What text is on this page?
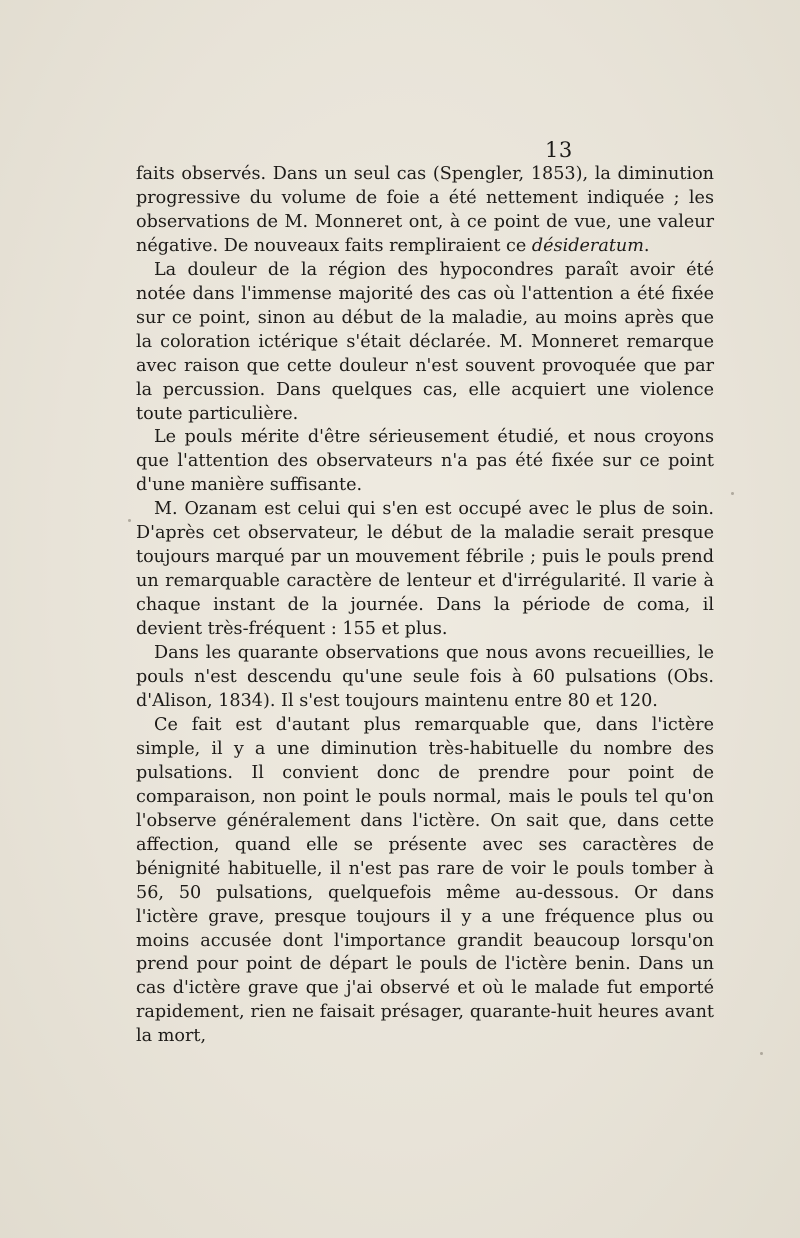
13

faits observés. Dans un seul cas (Spengler, 1853), la diminution progressive du volume de foie a été nettement indiquée ; les observations de M. Monneret ont, à ce point de vue, une valeur négative. De nouveaux faits rempliraient ce désideratum.

La douleur de la région des hypocondres paraît avoir été notée dans l'immense majorité des cas où l'attention a été fixée sur ce point, sinon au début de la maladie, au moins après que la coloration ictérique s'était déclarée. M. Monneret remarque avec raison que cette douleur n'est souvent provoquée que par la percussion. Dans quelques cas, elle acquiert une violence toute particulière.

Le pouls mérite d'être sérieusement étudié, et nous croyons que l'attention des observateurs n'a pas été fixée sur ce point d'une manière suffisante.

M. Ozanam est celui qui s'en est occupé avec le plus de soin. D'après cet observateur, le début de la maladie serait presque toujours marqué par un mouvement fébrile ; puis le pouls prend un remarquable caractère de lenteur et d'irrégularité. Il varie à chaque instant de la journée. Dans la période de coma, il devient très-fréquent : 155 et plus.

Dans les quarante observations que nous avons recueillies, le pouls n'est descendu qu'une seule fois à 60 pulsations (Obs. d'Alison, 1834). Il s'est toujours maintenu entre 80 et 120.

Ce fait est d'autant plus remarquable que, dans l'ictère simple, il y a une diminution très-habituelle du nombre des pulsations. Il convient donc de prendre pour point de comparaison, non point le pouls normal, mais le pouls tel qu'on l'observe généralement dans l'ictère. On sait que, dans cette affection, quand elle se présente avec ses caractères de bénignité habituelle, il n'est pas rare de voir le pouls tomber à 56, 50 pulsations, quelquefois même au-dessous. Or dans l'ictère grave, presque toujours il y a une fréquence plus ou moins accusée dont l'importance grandit beaucoup lorsqu'on prend pour point de départ le pouls de l'ictère benin. Dans un cas d'ictère grave que j'ai observé et où le malade fut emporté rapidement, rien ne faisait présager, quarante-huit heures avant la mort,
